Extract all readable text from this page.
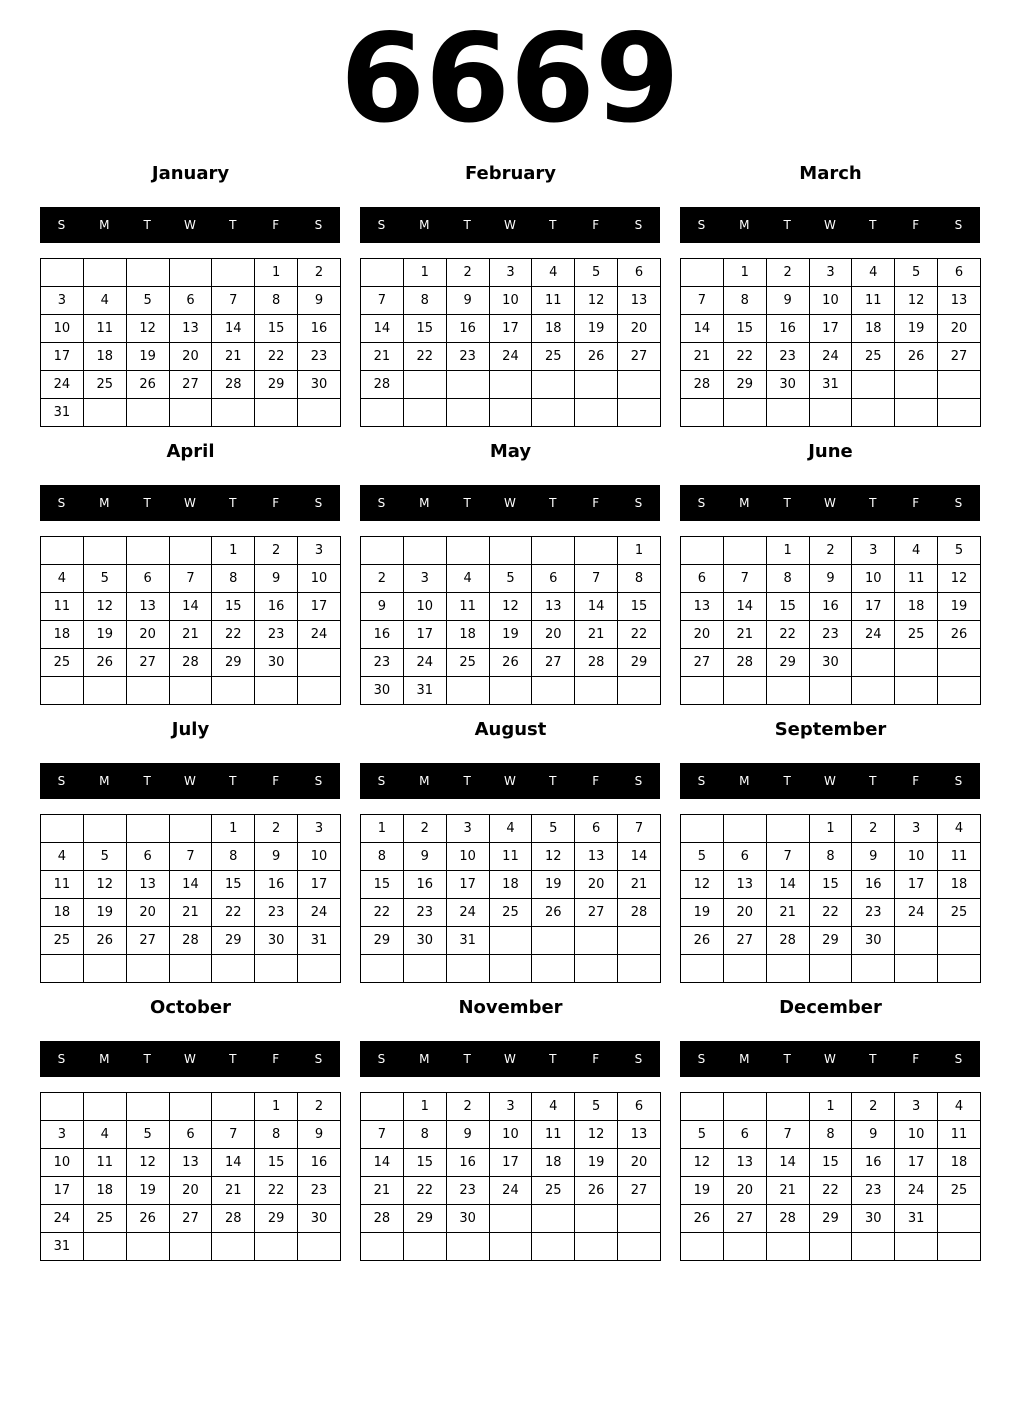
6669
January
S	M	T	W	T	F	S
					1	2
3	4	5	6	7	8	9
10	11	12	13	14	15	16
17	18	19	20	21	22	23
24	25	26	27	28	29	30
31						
February
S	M	T	W	T	F	S
	1	2	3	4	5	6
7	8	9	10	11	12	13
14	15	16	17	18	19	20
21	22	23	24	25	26	27
28						

March
S	M	T	W	T	F	S
	1	2	3	4	5	6
7	8	9	10	11	12	13
14	15	16	17	18	19	20
21	22	23	24	25	26	27
28	29	30	31			

April
S	M	T	W	T	F	S
				1	2	3
4	5	6	7	8	9	10
11	12	13	14	15	16	17
18	19	20	21	22	23	24
25	26	27	28	29	30	

May
S	M	T	W	T	F	S
						1
2	3	4	5	6	7	8
9	10	11	12	13	14	15
16	17	18	19	20	21	22
23	24	25	26	27	28	29
30	31					
June
S	M	T	W	T	F	S
		1	2	3	4	5
6	7	8	9	10	11	12
13	14	15	16	17	18	19
20	21	22	23	24	25	26
27	28	29	30			

July
S	M	T	W	T	F	S
				1	2	3
4	5	6	7	8	9	10
11	12	13	14	15	16	17
18	19	20	21	22	23	24
25	26	27	28	29	30	31

August
S	M	T	W	T	F	S
1	2	3	4	5	6	7
8	9	10	11	12	13	14
15	16	17	18	19	20	21
22	23	24	25	26	27	28
29	30	31				

September
S	M	T	W	T	F	S
			1	2	3	4
5	6	7	8	9	10	11
12	13	14	15	16	17	18
19	20	21	22	23	24	25
26	27	28	29	30		

October
S	M	T	W	T	F	S
					1	2
3	4	5	6	7	8	9
10	11	12	13	14	15	16
17	18	19	20	21	22	23
24	25	26	27	28	29	30
31						
November
S	M	T	W	T	F	S
	1	2	3	4	5	6
7	8	9	10	11	12	13
14	15	16	17	18	19	20
21	22	23	24	25	26	27
28	29	30				

December
S	M	T	W	T	F	S
			1	2	3	4
5	6	7	8	9	10	11
12	13	14	15	16	17	18
19	20	21	22	23	24	25
26	27	28	29	30	31	
